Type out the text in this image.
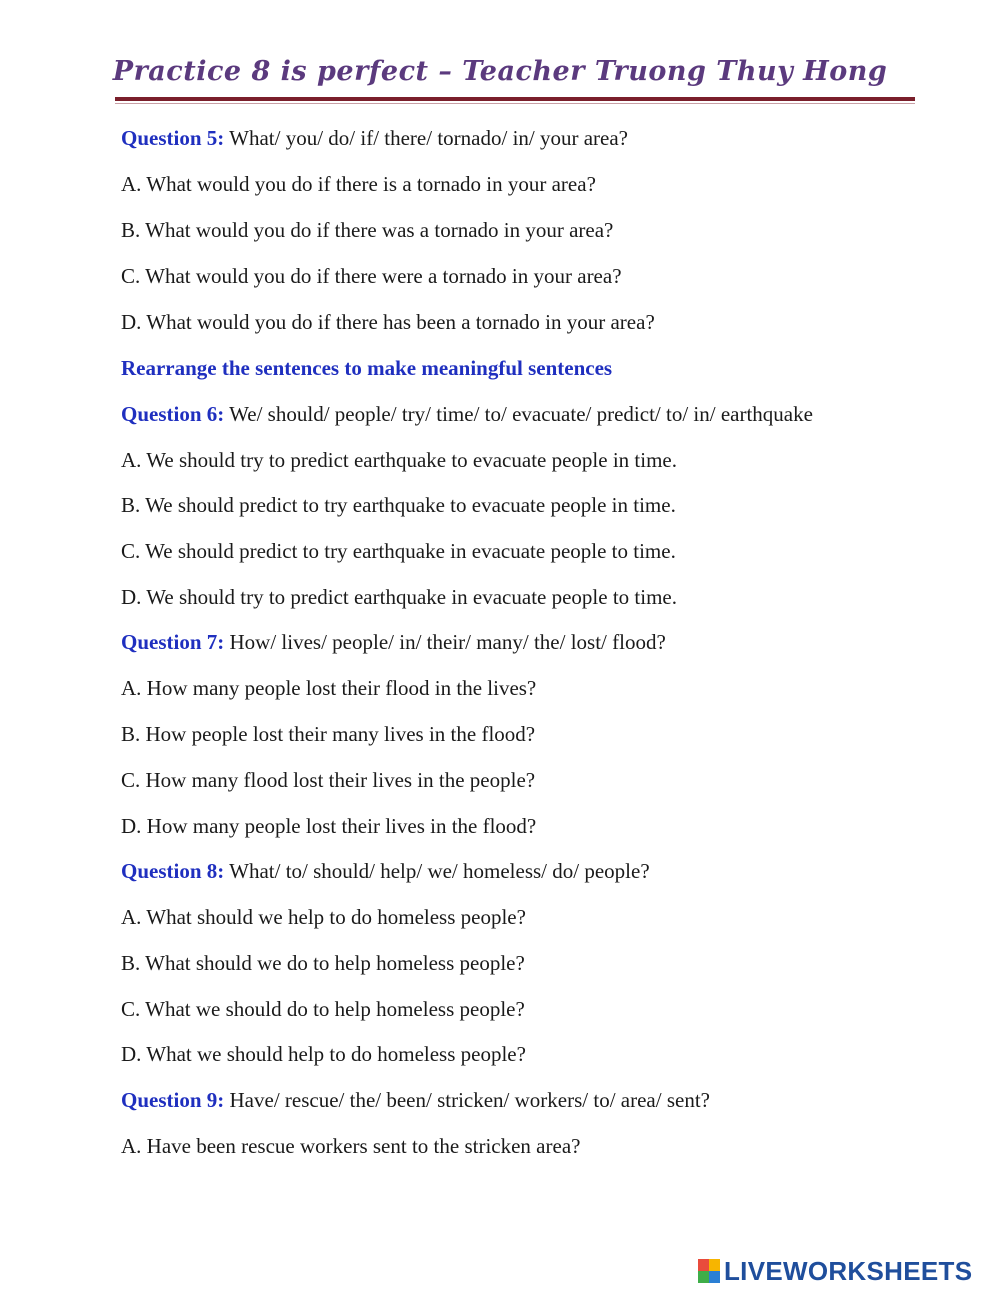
Practice 8 is perfect – Teacher Truong Thuy Hong
Question 5: What/ you/ do/ if/ there/ tornado/ in/ your area?
A. What would you do if there is a tornado in your area?
B. What would you do if there was a tornado in your area?
C. What would you do if there were a tornado in your area?
D. What would you do if there has been a tornado in your area?
Rearrange the sentences to make meaningful sentences
Question 6: We/ should/ people/ try/ time/ to/ evacuate/ predict/ to/ in/ earthquake
A. We should try to predict earthquake to evacuate people in time.
B. We should predict to try earthquake to evacuate people in time.
C. We should predict to try earthquake in evacuate people to time.
D. We should try to predict earthquake in evacuate people to time.
Question 7: How/ lives/ people/ in/ their/ many/ the/ lost/ flood?
A. How many people lost their flood in the lives?
B. How people lost their many lives in the flood?
C. How many flood lost their lives in the people?
D. How many people lost their lives in the flood?
Question 8: What/ to/ should/ help/ we/ homeless/ do/ people?
A. What should we help to do homeless people?
B. What should we do to help homeless people?
C. What we should do to help homeless people?
D. What we should help to do homeless people?
Question 9: Have/ rescue/ the/ been/ stricken/ workers/ to/ area/ sent?
A. Have been rescue workers sent to the stricken area?
LIVEWORKSHEETS
